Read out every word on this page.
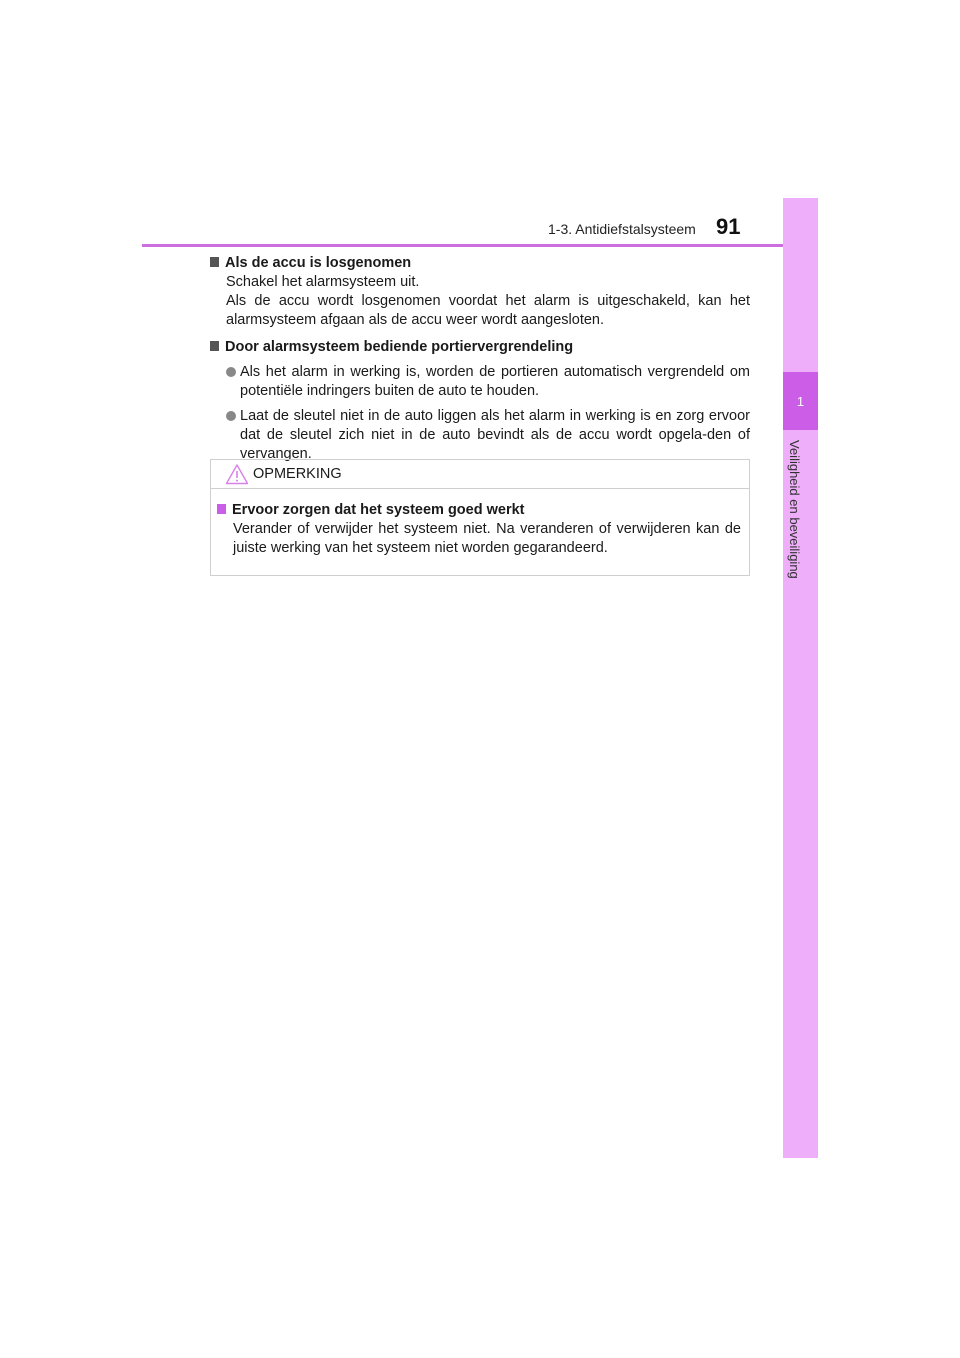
1-3. Antidiefstalsysteem 91
1
Veiligheid en beveiliging
Als de accu is losgenomen
Schakel het alarmsysteem uit.
Als de accu wordt losgenomen voordat het alarm is uitgeschakeld, kan het alarmsysteem afgaan als de accu weer wordt aangesloten.
Door alarmsysteem bediende portiervergrendeling
Als het alarm in werking is, worden de portieren automatisch vergrendeld om potentiële indringers buiten de auto te houden.
Laat de sleutel niet in de auto liggen als het alarm in werking is en zorg ervoor dat de sleutel zich niet in de auto bevindt als de accu wordt opgela-den of vervangen.
OPMERKING
Ervoor zorgen dat het systeem goed werkt
Verander of verwijder het systeem niet. Na veranderen of verwijderen kan de juiste werking van het systeem niet worden gegarandeerd.
